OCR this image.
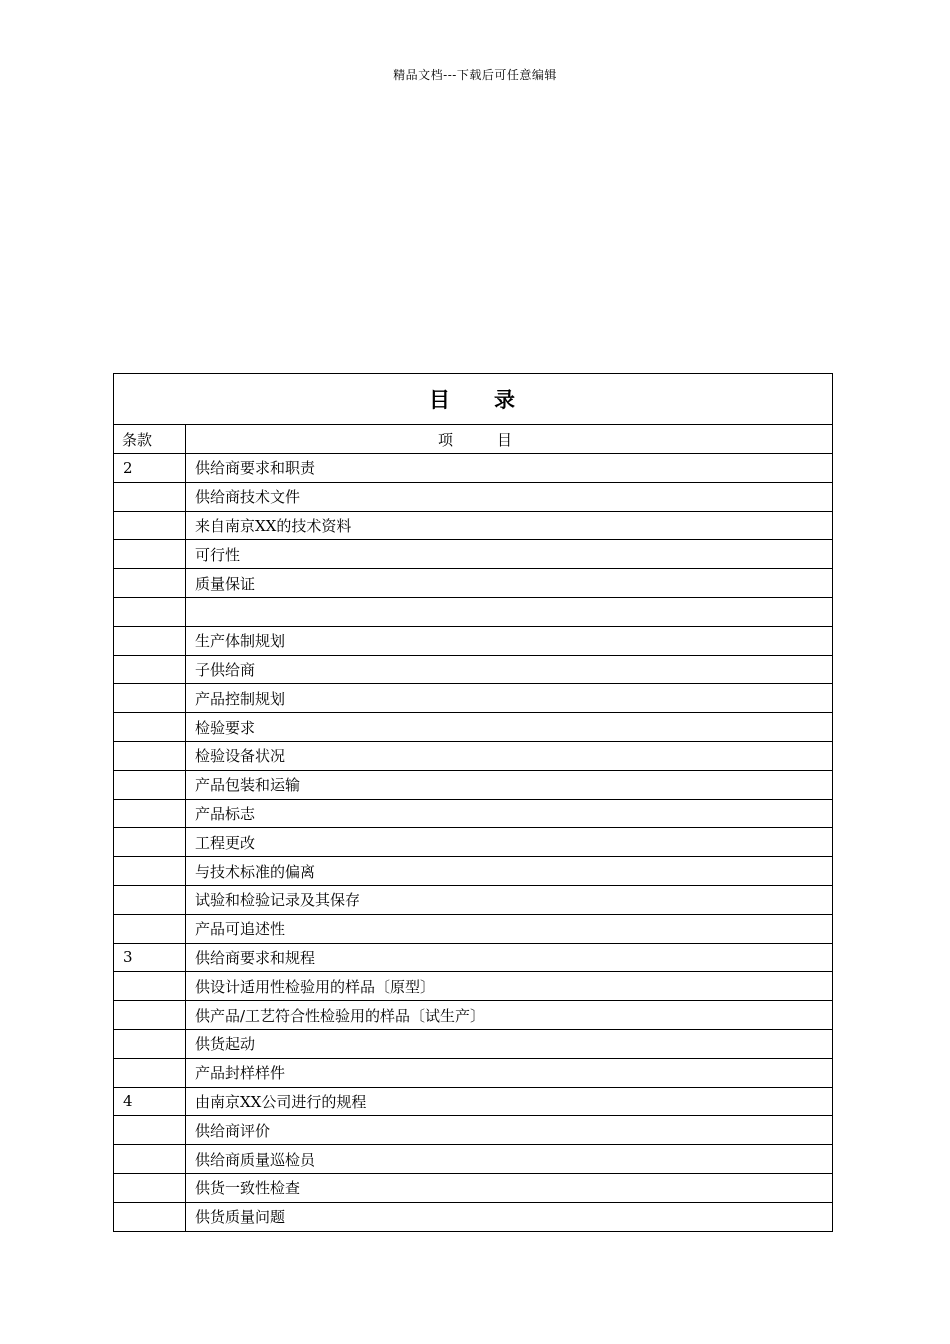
精品文档---下载后可任意编辑
目 录	
条款	项 目
2	供给商要求和职责
	供给商技术文件
	来自南京XX的技术资料
	可行性
	质量保证

	生产体制规划
	子供给商
	产品控制规划
	检验要求
	检验设备状况
	产品包装和运输
	产品标志
	工程更改
	与技术标准的偏离
	试验和检验记录及其保存
	产品可追述性
3	供给商要求和规程
	供设计适用性检验用的样品〔原型〕
	供产品/工艺符合性检验用的样品〔试生产〕
	供货起动
	产品封样样件
4	由南京XX公司进行的规程
	供给商评价
	供给商质量巡检员
	供货一致性检查
	供货质量问题
